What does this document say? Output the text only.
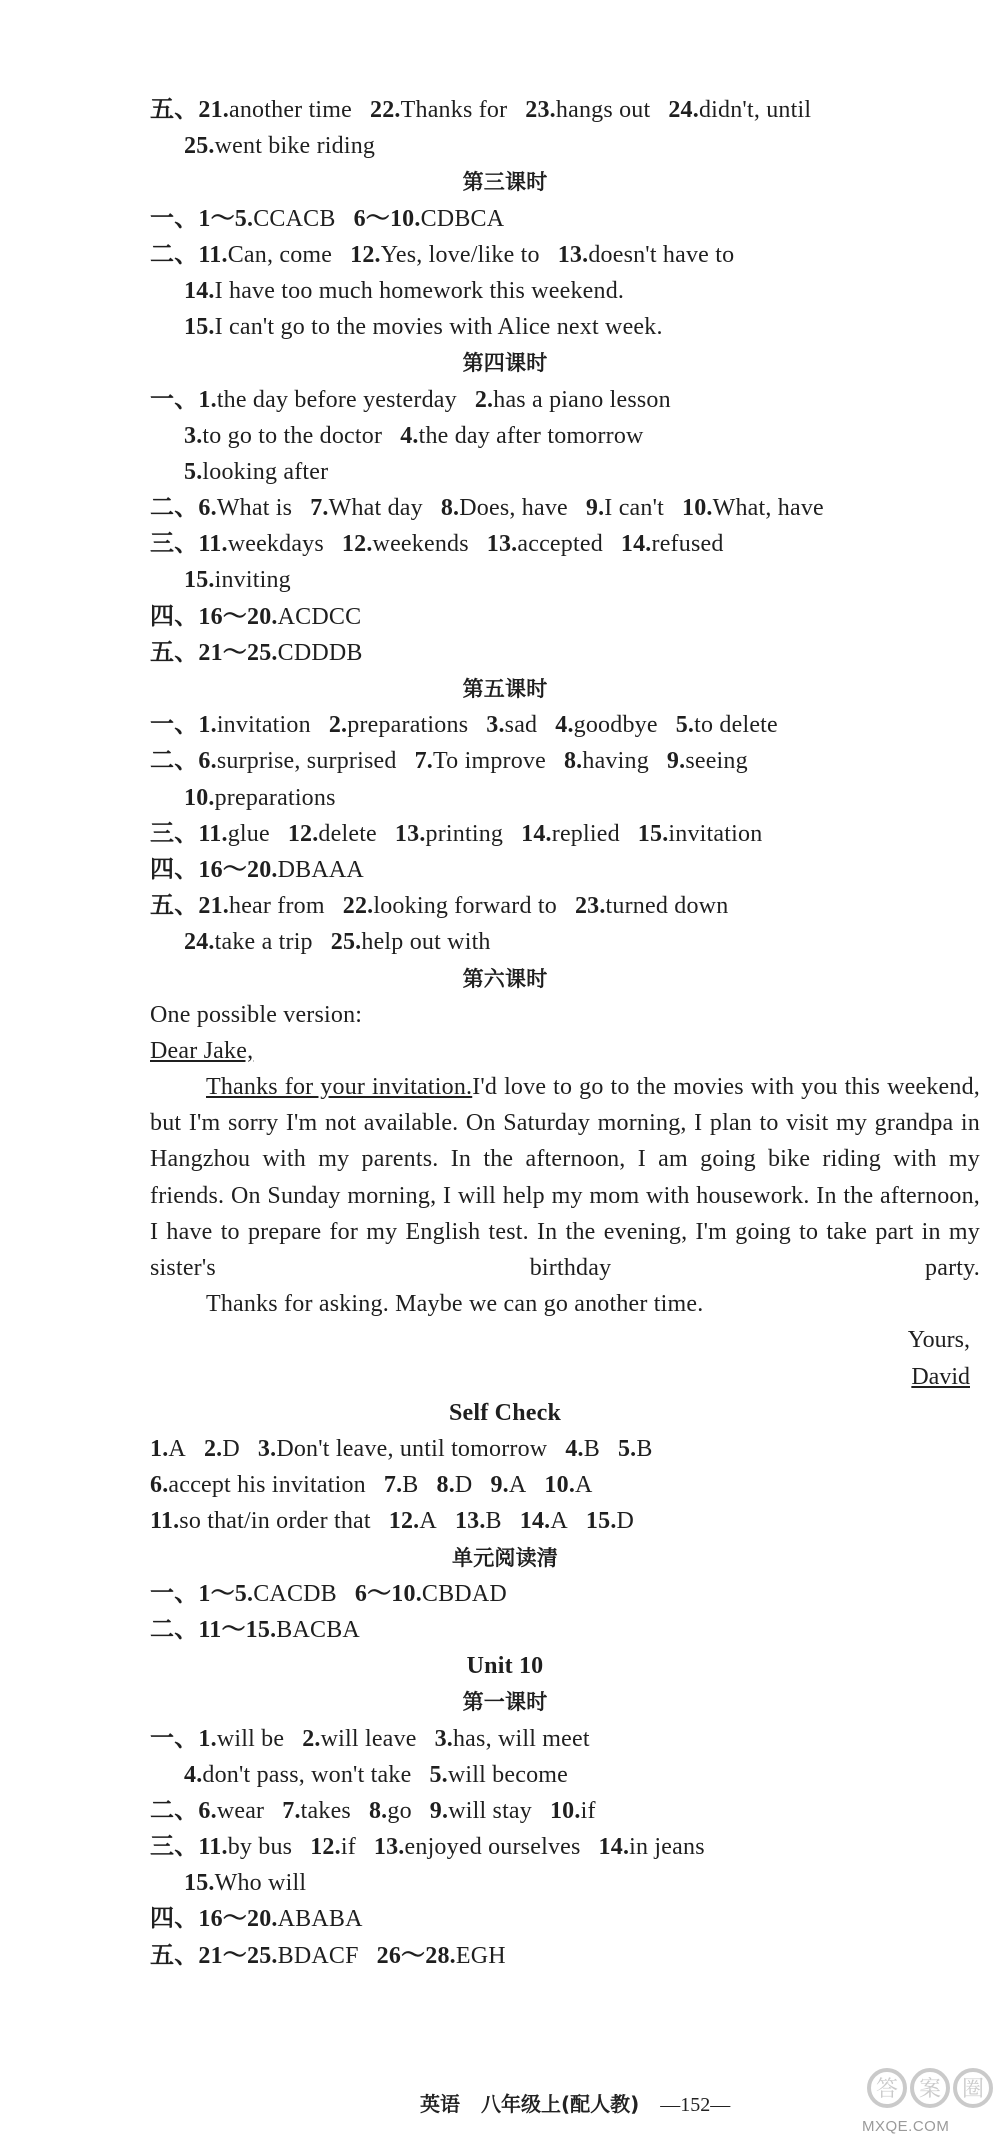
五、21.another time 22.Thanks for 23.hangs out 24.didn't, until
25.went bike riding
第三课时
一、1～5.CCACB 6～10.CDBCA
二、11.Can, come 12.Yes, love/like to 13.doesn't have to
14.I have too much homework this weekend.
15.I can't go to the movies with Alice next week.
第四课时
一、1.the day before yesterday 2.has a piano lesson
3.to go to the doctor 4.the day after tomorrow
5.looking after
二、6.What is 7.What day 8.Does, have 9.I can't 10.What, have
三、11.weekdays 12.weekends 13.accepted 14.refused
15.inviting
四、16～20.ACDCC
五、21～25.CDDDB
第五课时
一、1.invitation 2.preparations 3.sad 4.goodbye 5.to delete
二、6.surprise, surprised 7.To improve 8.having 9.seeing
10.preparations
三、11.glue 12.delete 13.printing 14.replied 15.invitation
四、16～20.DBAAA
五、21.hear from 22.looking forward to 23.turned down
24.take a trip 25.help out with
第六课时
One possible version:
Dear Jake,
Thanks for your invitation.I'd love to go to the movies with you this weekend, but I'm sorry I'm not available. On Saturday morning, I plan to visit my grandpa in Hangzhou with my parents. In the afternoon, I am going bike riding with my friends. On Sunday morning, I will help my mom with housework. In the afternoon, I have to prepare for my English test. In the evening, I'm going to take part in my sister's birthday party.
Thanks for asking. Maybe we can go another time.
Yours,
David
Self Check
1.A 2.D 3.Don't leave, until tomorrow 4.B 5.B
6.accept his invitation 7.B 8.D 9.A 10.A
11.so that/in order that 12.A 13.B 14.A 15.D
单元阅读清
一、1～5.CACDB 6～10.CBDAD
二、11～15.BACBA
Unit 10
第一课时
一、1.will be 2.will leave 3.has, will meet
4.don't pass, won't take 5.will become
二、6.wear 7.takes 8.go 9.will stay 10.if
三、11.by bus 12.if 13.enjoyed ourselves 14.in jeans
15.Who will
四、16～20.ABABA
五、21～25.BDACF 26～28.EGH
英语 八年级上(配人教) —152—
答 案 圈
MXQE.COM
